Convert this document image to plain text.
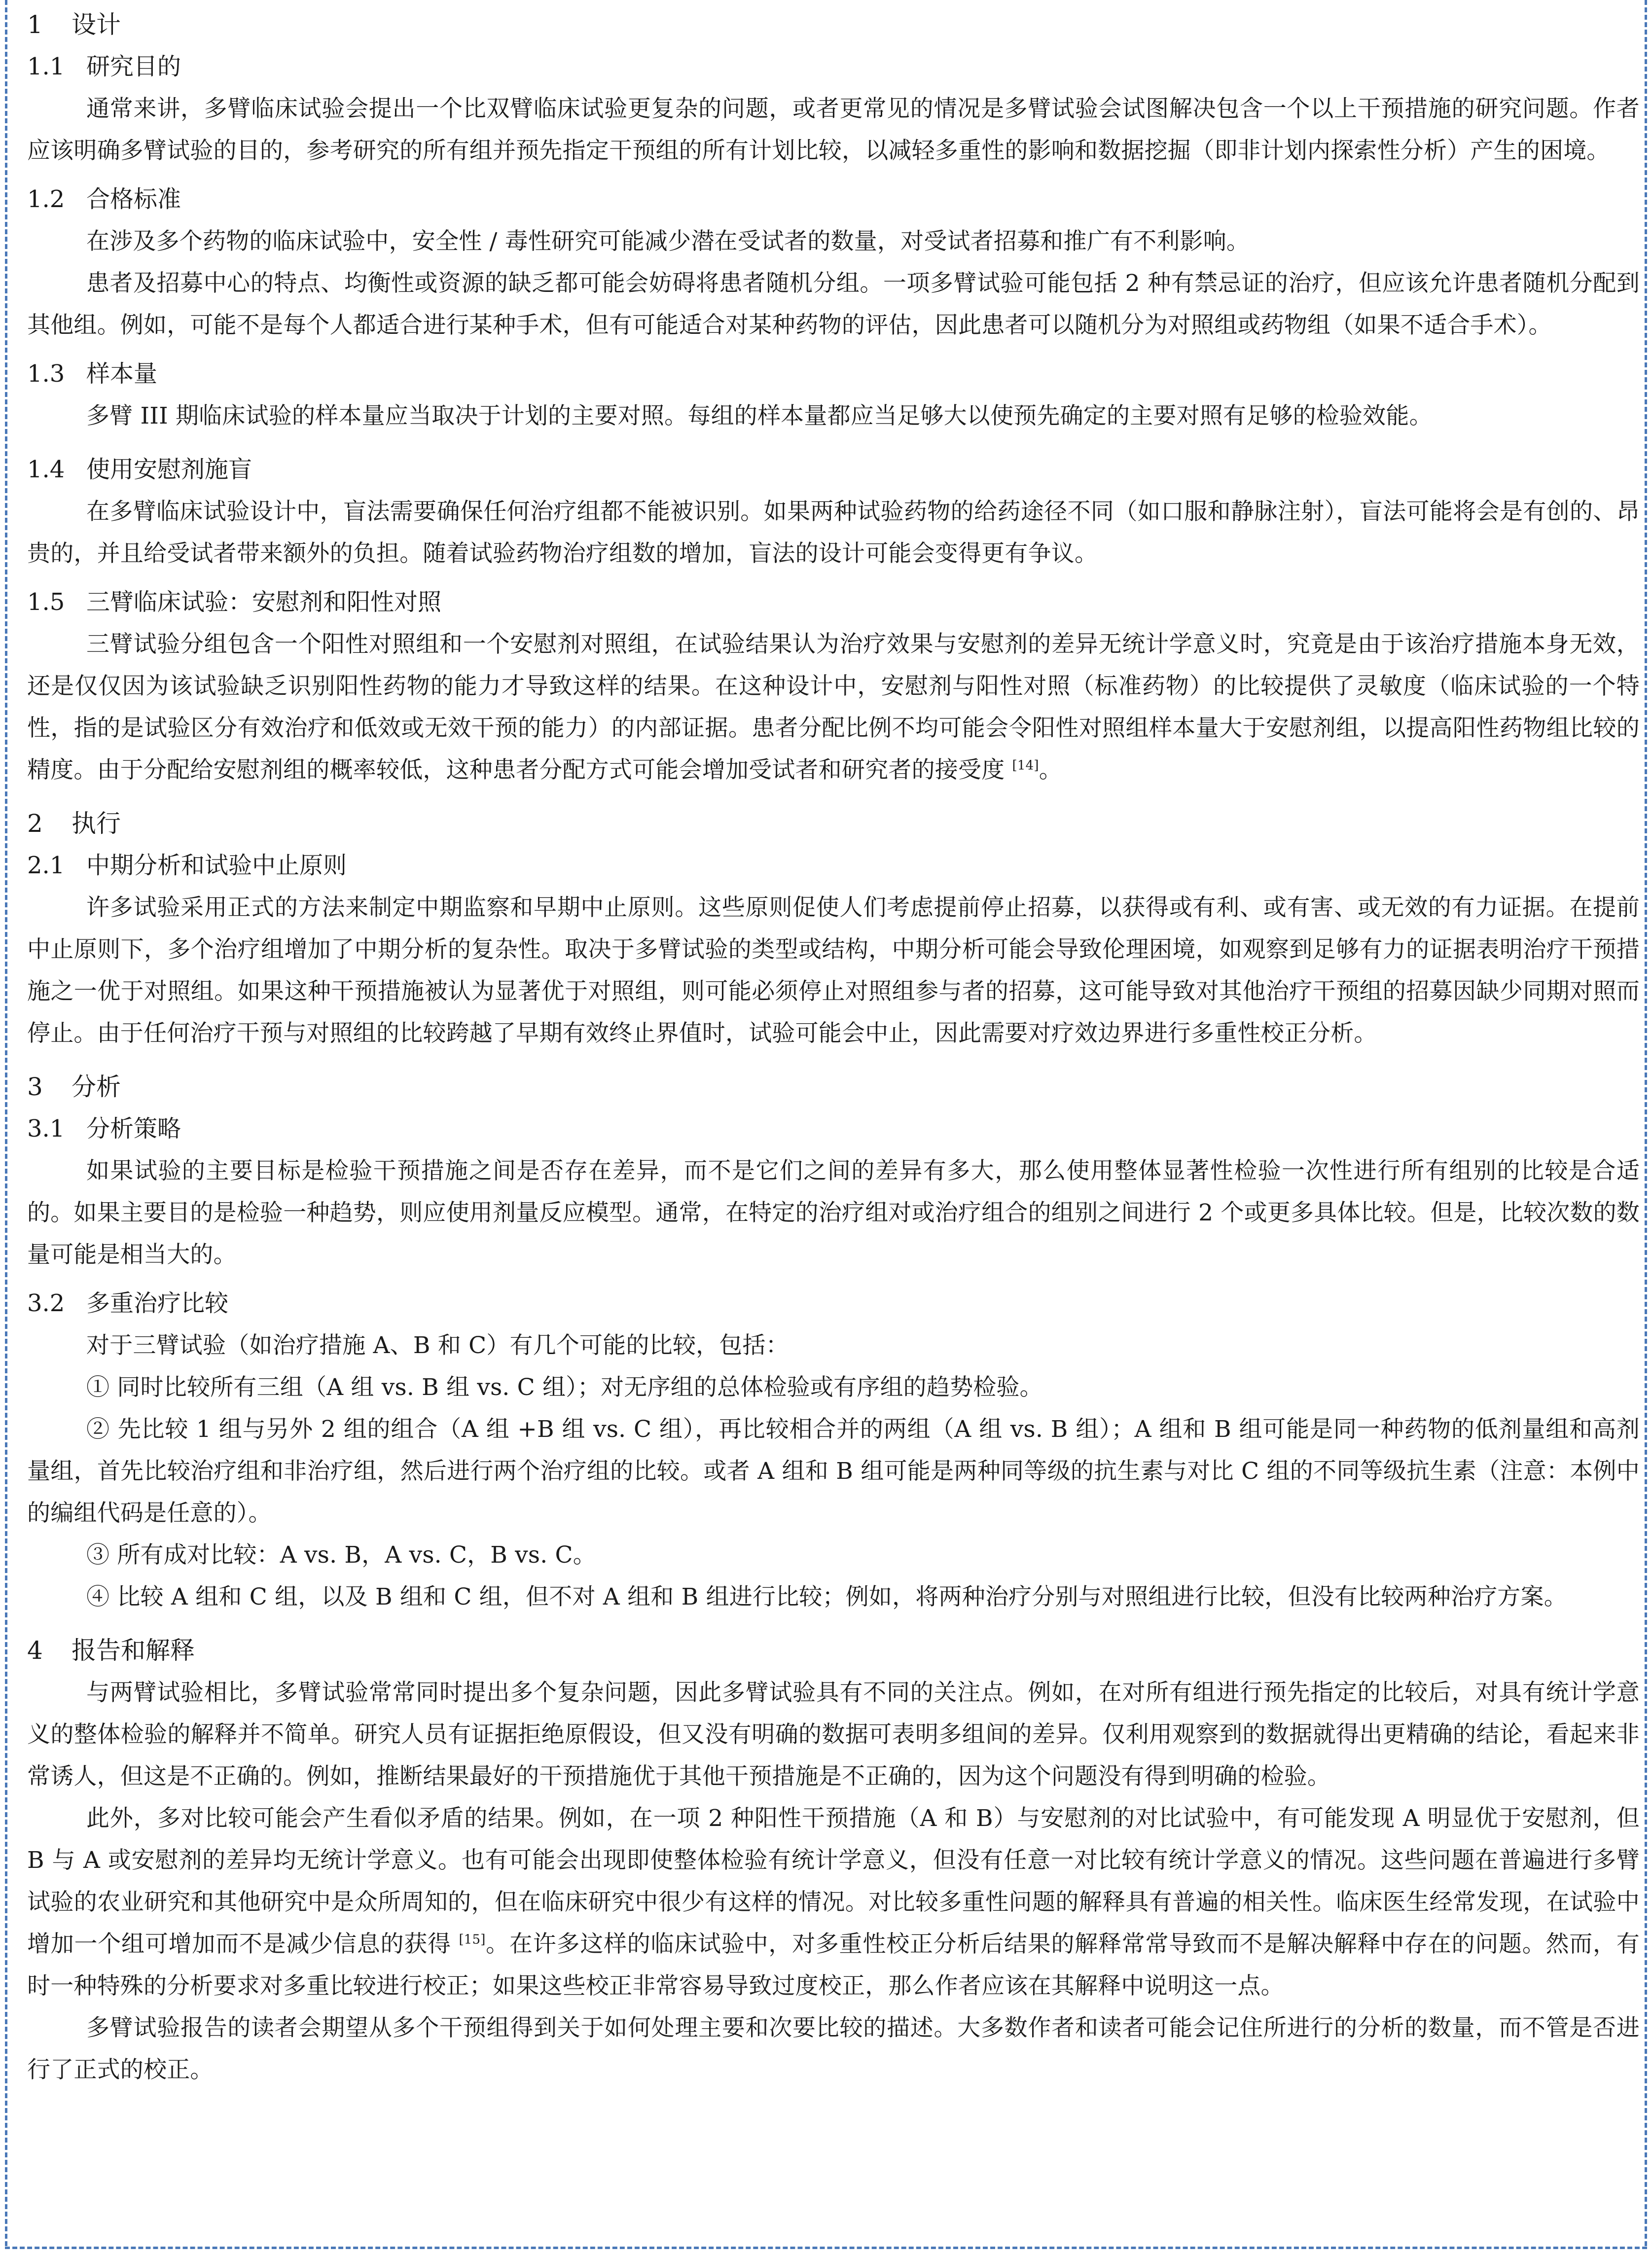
1 设计
1.1 研究目的

通常来讲，多臂临床试验会提出一个比双臂临床试验更复杂的问题，或者更常见的情况是多臂试验会试图解决包含一个以上干预措施的研究问题。作者应该明确多臂试验的目的，参考研究的所有组并预先指定干预组的所有计划比较，以减轻多重性的影响和数据挖掘（即非计划内探索性分析）产生的困境。

1.2 合格标准

在涉及多个药物的临床试验中，安全性 / 毒性研究可能减少潜在受试者的数量，对受试者招募和推广有不利影响。

患者及招募中心的特点、均衡性或资源的缺乏都可能会妨碍将患者随机分组。一项多臂试验可能包括 2 种有禁忌证的治疗，但应该允许患者随机分配到其他组。例如，可能不是每个人都适合进行某种手术，但有可能适合对某种药物的评估，因此患者可以随机分为对照组或药物组（如果不适合手术）。

1.3 样本量

多臂 III 期临床试验的样本量应当取决于计划的主要对照。每组的样本量都应当足够大以使预先确定的主要对照有足够的检验效能。

1.4 使用安慰剂施盲

在多臂临床试验设计中，盲法需要确保任何治疗组都不能被识别。如果两种试验药物的给药途径不同（如口服和静脉注射），盲法可能将会是有创的、昂贵的，并且给受试者带来额外的负担。随着试验药物治疗组数的增加，盲法的设计可能会变得更有争议。

1.5 三臂临床试验：安慰剂和阳性对照

三臂试验分组包含一个阳性对照组和一个安慰剂对照组，在试验结果认为治疗效果与安慰剂的差异无统计学意义时，究竟是由于该治疗措施本身无效，还是仅仅因为该试验缺乏识别阳性药物的能力才导致这样的结果。在这种设计中，安慰剂与阳性对照（标准药物）的比较提供了灵敏度（临床试验的一个特性，指的是试验区分有效治疗和低效或无效干预的能力）的内部证据。患者分配比例不均可能会令阳性对照组样本量大于安慰剂组，以提高阳性药物组比较的精度。由于分配给安慰剂组的概率较低，这种患者分配方式可能会增加受试者和研究者的接受度 [14]。

2 执行
2.1 中期分析和试验中止原则

许多试验采用正式的方法来制定中期监察和早期中止原则。这些原则促使人们考虑提前停止招募，以获得或有利、或有害、或无效的有力证据。在提前中止原则下，多个治疗组增加了中期分析的复杂性。取决于多臂试验的类型或结构，中期分析可能会导致伦理困境，如观察到足够有力的证据表明治疗干预措施之一优于对照组。如果这种干预措施被认为显著优于对照组，则可能必须停止对照组参与者的招募，这可能导致对其他治疗干预组的招募因缺少同期对照而停止。由于任何治疗干预与对照组的比较跨越了早期有效终止界值时，试验可能会中止，因此需要对疗效边界进行多重性校正分析。

3 分析
3.1 分析策略

如果试验的主要目标是检验干预措施之间是否存在差异，而不是它们之间的差异有多大，那么使用整体显著性检验一次性进行所有组别的比较是合适的。如果主要目的是检验一种趋势，则应使用剂量反应模型。通常，在特定的治疗组对或治疗组合的组别之间进行 2 个或更多具体比较。但是，比较次数的数量可能是相当大的。

3.2 多重治疗比较

对于三臂试验（如治疗措施 A、B 和 C）有几个可能的比较，包括：

① 同时比较所有三组（A 组 vs. B 组 vs. C 组）；对无序组的总体检验或有序组的趋势检验。

② 先比较 1 组与另外 2 组的组合（A 组 +B 组 vs. C 组），再比较相合并的两组（A 组 vs. B 组）；A 组和 B 组可能是同一种药物的低剂量组和高剂量组，首先比较治疗组和非治疗组，然后进行两个治疗组的比较。或者 A 组和 B 组可能是两种同等级的抗生素与对比 C 组的不同等级抗生素（注意：本例中的编组代码是任意的）。

③ 所有成对比较：A vs. B，A vs. C，B vs. C。

④ 比较 A 组和 C 组，以及 B 组和 C 组，但不对 A 组和 B 组进行比较；例如，将两种治疗分别与对照组进行比较，但没有比较两种治疗方案。

4 报告和解释

与两臂试验相比，多臂试验常常同时提出多个复杂问题，因此多臂试验具有不同的关注点。例如，在对所有组进行预先指定的比较后，对具有统计学意义的整体检验的解释并不简单。研究人员有证据拒绝原假设，但又没有明确的数据可表明多组间的差异。仅利用观察到的数据就得出更精确的结论，看起来非常诱人，但这是不正确的。例如，推断结果最好的干预措施优于其他干预措施是不正确的，因为这个问题没有得到明确的检验。

此外，多对比较可能会产生看似矛盾的结果。例如，在一项 2 种阳性干预措施（A 和 B）与安慰剂的对比试验中，有可能发现 A 明显优于安慰剂，但 B 与 A 或安慰剂的差异均无统计学意义。也有可能会出现即使整体检验有统计学意义，但没有任意一对比较有统计学意义的情况。这些问题在普遍进行多臂试验的农业研究和其他研究中是众所周知的，但在临床研究中很少有这样的情况。对比较多重性问题的解释具有普遍的相关性。临床医生经常发现，在试验中增加一个组可增加而不是减少信息的获得 [15]。在许多这样的临床试验中，对多重性校正分析后结果的解释常常导致而不是解决解释中存在的问题。然而，有时一种特殊的分析要求对多重比较进行校正；如果这些校正非常容易导致过度校正，那么作者应该在其解释中说明这一点。

多臂试验报告的读者会期望从多个干预组得到关于如何处理主要和次要比较的描述。大多数作者和读者可能会记住所进行的分析的数量，而不管是否进行了正式的校正。
